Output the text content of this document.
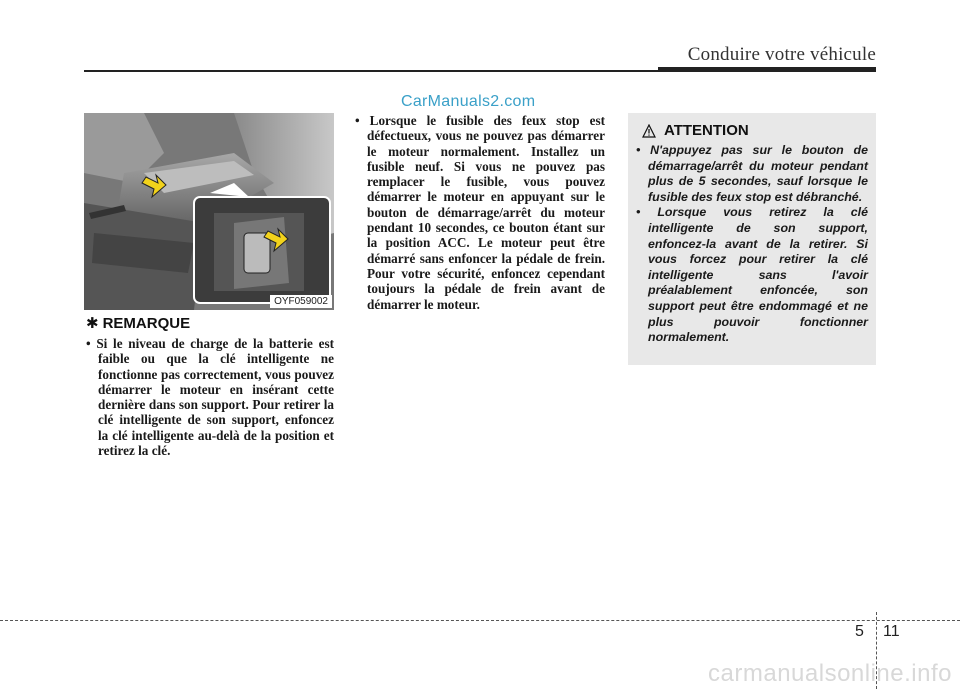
Conduire votre véhicule
CarManuals2.com
OYF059002
✱ REMARQUE

• Si le niveau de charge de la batterie est faible ou que la clé intelligente ne fonctionne pas correctement, vous pouvez démarrer le moteur en insérant cette dernière dans son support. Pour retirer la clé intelligente de son support, enfoncez la clé intelligente au-delà de la position et retirez la clé.

• Lorsque le fusible des feux stop est défectueux, vous ne pouvez pas démarrer le moteur normalement. Installez un fusible neuf. Si vous ne pouvez pas remplacer le fusible, vous pouvez démarrer le moteur en appuyant sur le bouton de démarrage/arrêt du moteur pendant 10 secondes, ce bouton étant sur la position ACC. Le moteur peut être démarré sans enfoncer la pédale de frein. Pour votre sécurité, enfoncez cependant toujours la pédale de frein avant de démarrer le moteur.

ATTENTION

• N'appuyez pas sur le bouton de démarrage/arrêt du moteur pendant plus de 5 secondes, sauf lorsque le fusible des feux stop est débranché.

• Lorsque vous retirez la clé intelligente de son support, enfoncez-la avant de la retirer. Si vous forcez pour retirer la clé intelligente sans l'avoir préalablement enfoncée, son support peut être endommagé et ne plus pouvoir fonctionner normalement.

5 11
carmanualsonline.info
